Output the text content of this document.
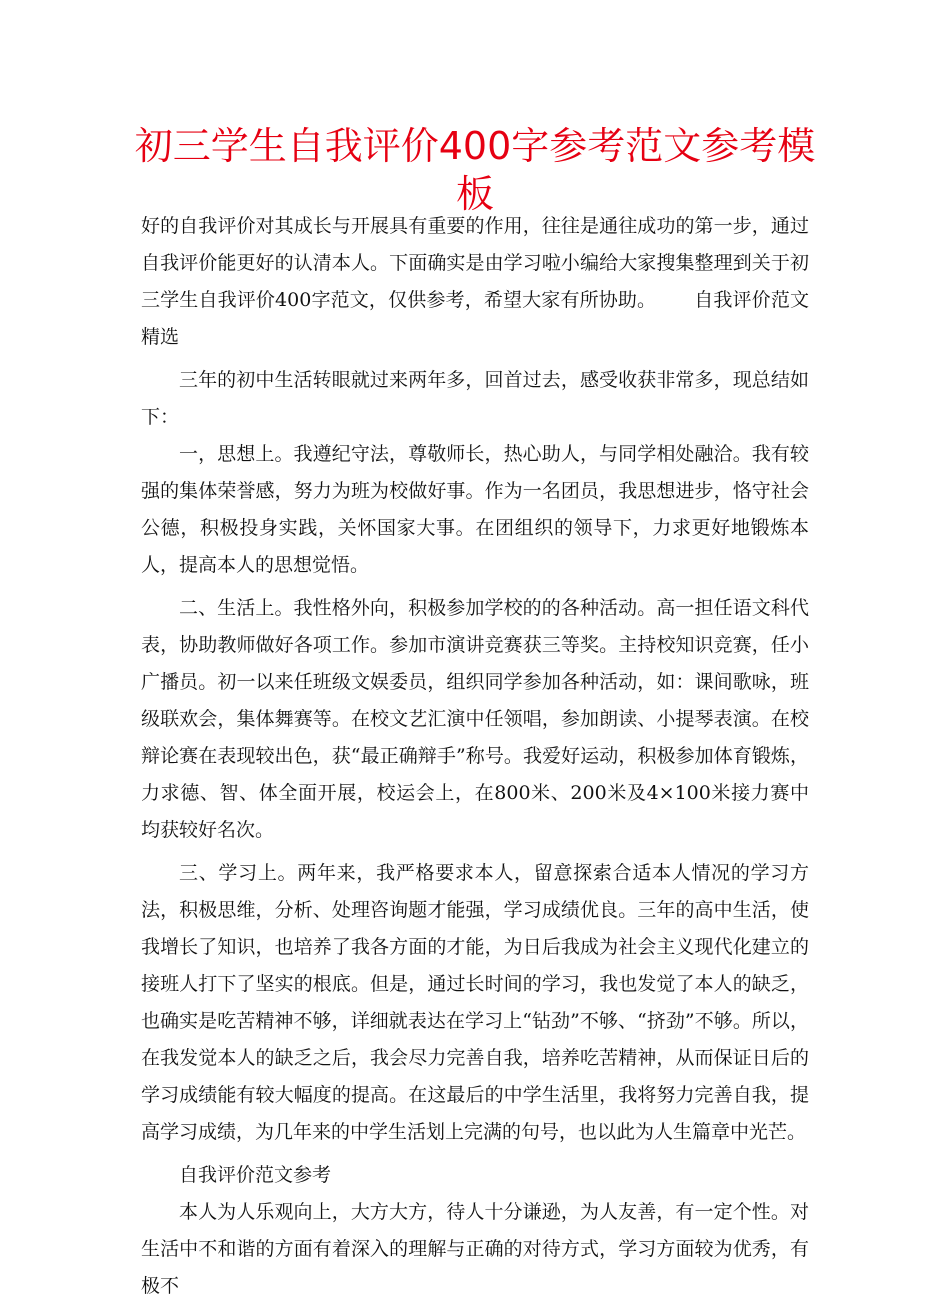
初三学生自我评价400字参考范文参考模板

好的自我评价对其成长与开展具有重要的作用，往往是通往成功的第一步，通过自我评价能更好的认清本人。下面确实是由学习啦小编给大家搜集整理到关于初三学生自我评价400字范文，仅供参考，希望大家有所协助。 自我评价范文精选

三年的初中生活转眼就过来两年多，回首过去，感受收获非常多，现总结如下：

一，思想上。我遵纪守法，尊敬师长，热心助人，与同学相处融洽。我有较强的集体荣誉感，努力为班为校做好事。作为一名团员，我思想进步，恪守社会公德，积极投身实践，关怀国家大事。在团组织的领导下，力求更好地锻炼本人，提高本人的思想觉悟。

二、生活上。我性格外向，积极参加学校的的各种活动。高一担任语文科代表，协助教师做好各项工作。参加市演讲竞赛获三等奖。主持校知识竞赛，任小广播员。初一以来任班级文娱委员，组织同学参加各种活动，如：课间歌咏，班级联欢会，集体舞赛等。在校文艺汇演中任领唱，参加朗读、小提琴表演。在校辩论赛在表现较出色，获“最正确辩手”称号。我爱好运动，积极参加体育锻炼，力求德、智、体全面开展，校运会上，在800米、200米及4×100米接力赛中均获较好名次。

三、学习上。两年来，我严格要求本人，留意探索合适本人情况的学习方法，积极思维，分析、处理咨询题才能强，学习成绩优良。三年的高中生活，使我增长了知识，也培养了我各方面的才能，为日后我成为社会主义现代化建立的接班人打下了坚实的根底。但是，通过长时间的学习，我也发觉了本人的缺乏，也确实是吃苦精神不够，详细就表达在学习上“钻劲”不够、“挤劲”不够。所以，在我发觉本人的缺乏之后，我会尽力完善自我，培养吃苦精神，从而保证日后的学习成绩能有较大幅度的提高。在这最后的中学生活里，我将努力完善自我，提高学习成绩，为几年来的中学生活划上完满的句号，也以此为人生篇章中光芒。

自我评价范文参考

本人为人乐观向上，大方大方，待人十分谦逊，为人友善，有一定个性。对生活中不和谐的方面有着深入的理解与正确的对待方式，学习方面较为优秀，有极不
